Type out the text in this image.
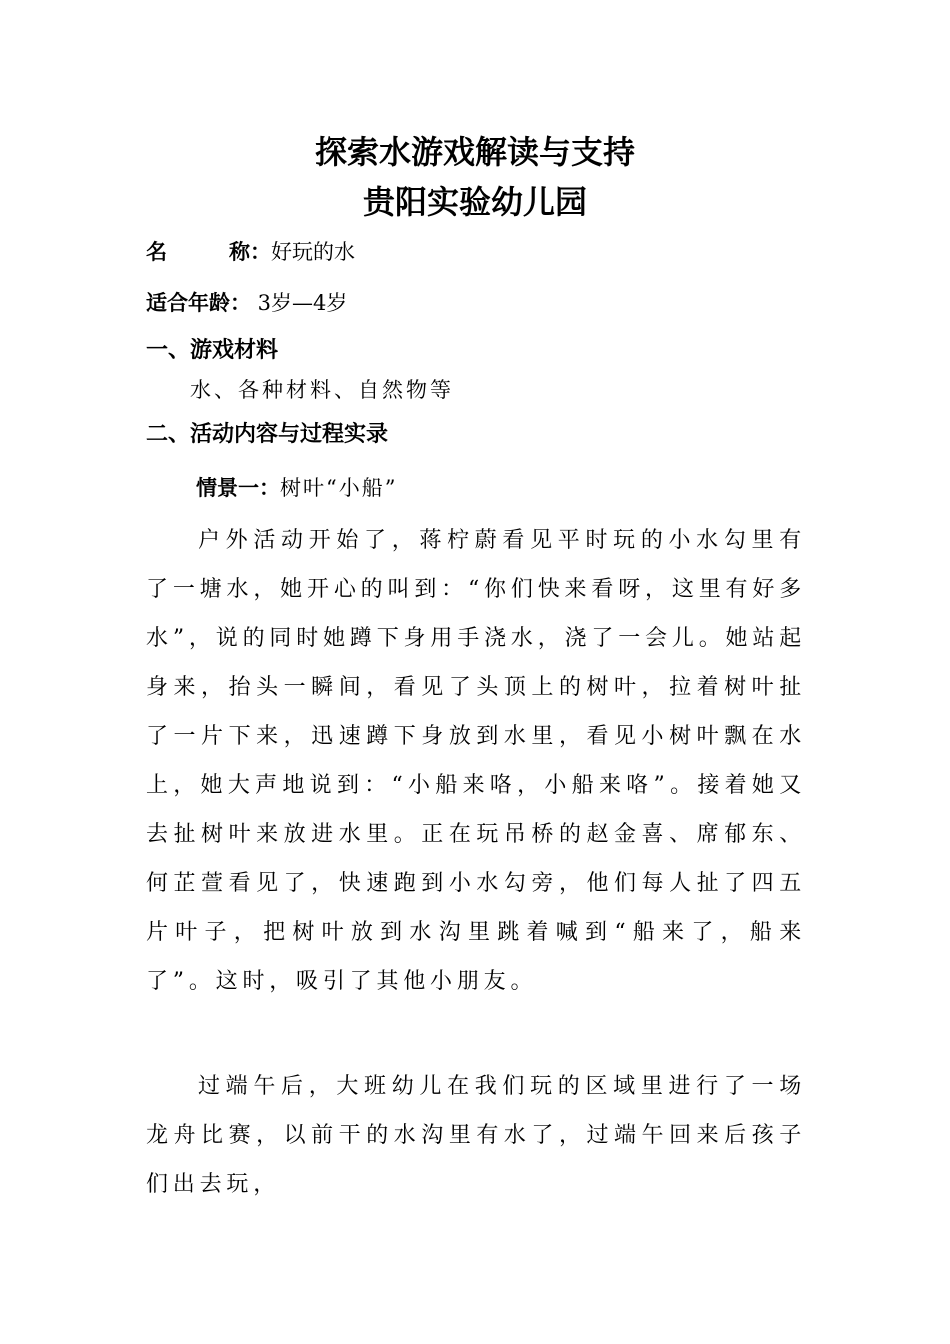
探索水游戏解读与支持
贵阳实验幼儿园
名称：好玩的水
适合年龄： 3岁—4岁
一、游戏材料
水、各种材料、自然物等
二、活动内容与过程实录
情景一：树叶“小船”

户外活动开始了，蒋柠蔚看见平时玩的小水勾里有了一塘水，她开心的叫到：“你们快来看呀，这里有好多水”，说的同时她蹲下身用手浇水，浇了一会儿。她站起身来，抬头一瞬间，看见了头顶上的树叶，拉着树叶扯了一片下来，迅速蹲下身放到水里，看见小树叶飘在水上，她大声地说到：“小船来咯，小船来咯”。接着她又去扯树叶来放进水里。正在玩吊桥的赵金喜、席郁东、何芷萱看见了，快速跑到小水勾旁，他们每人扯了四五片叶子，把树叶放到水沟里跳着喊到“船来了，船来了”。这时，吸引了其他小朋友。

过端午后，大班幼儿在我们玩的区域里进行了一场龙舟比赛，以前干的水沟里有水了，过端午回来后孩子们出去玩，
